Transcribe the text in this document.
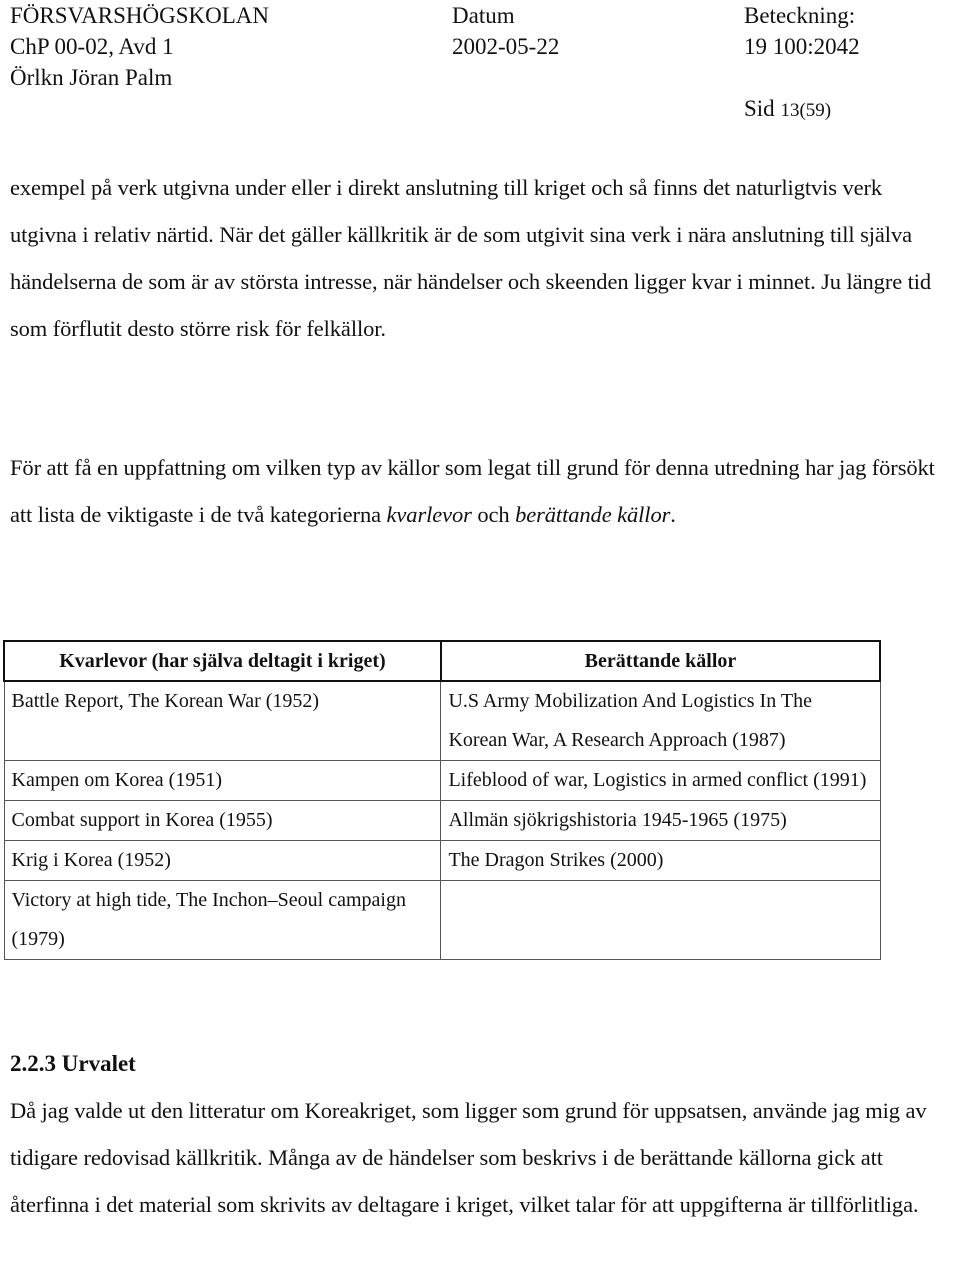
FÖRSVARSHÖGSKOLAN
ChP 00-02, Avd 1
Örlkn Jöran Palm
Datum
2002-05-22
Beteckning:
19 100:2042
Sid 13(59)

exempel på verk utgivna under eller i direkt anslutning till kriget och så finns det naturligtvis verk utgivna i relativ närtid. När det gäller källkritik är de som utgivit sina verk i nära anslutning till själva händelserna de som är av största intresse, när händelser och skeenden ligger kvar i minnet. Ju längre tid som förflutit desto större risk för felkällor.

För att få en uppfattning om vilken typ av källor som legat till grund för denna utredning har jag försökt att lista de viktigaste i de två kategorierna kvarlevor och berättande källor.

Kvarlevor (har själva deltagit i kriget)	Berättande källor
Battle Report, The Korean War (1952)	U.S Army Mobilization And Logistics In The Korean War, A Research Approach (1987)
Kampen om Korea (1951)	Lifeblood of war, Logistics in armed conflict (1991)
Combat support in Korea (1955)	Allmän sjökrigshistoria 1945-1965 (1975)
Krig i Korea (1952)	The Dragon Strikes (2000)
Victory at high tide, The Inchon–Seoul campaign (1979)	
2.2.3 Urvalet

Då jag valde ut den litteratur om Koreakriget, som ligger som grund för uppsatsen, använde jag mig av tidigare redovisad källkritik. Många av de händelser som beskrivs i de berättande källorna gick att återfinna i det material som skrivits av deltagare i kriget, vilket talar för att uppgifterna är tillförlitliga.
